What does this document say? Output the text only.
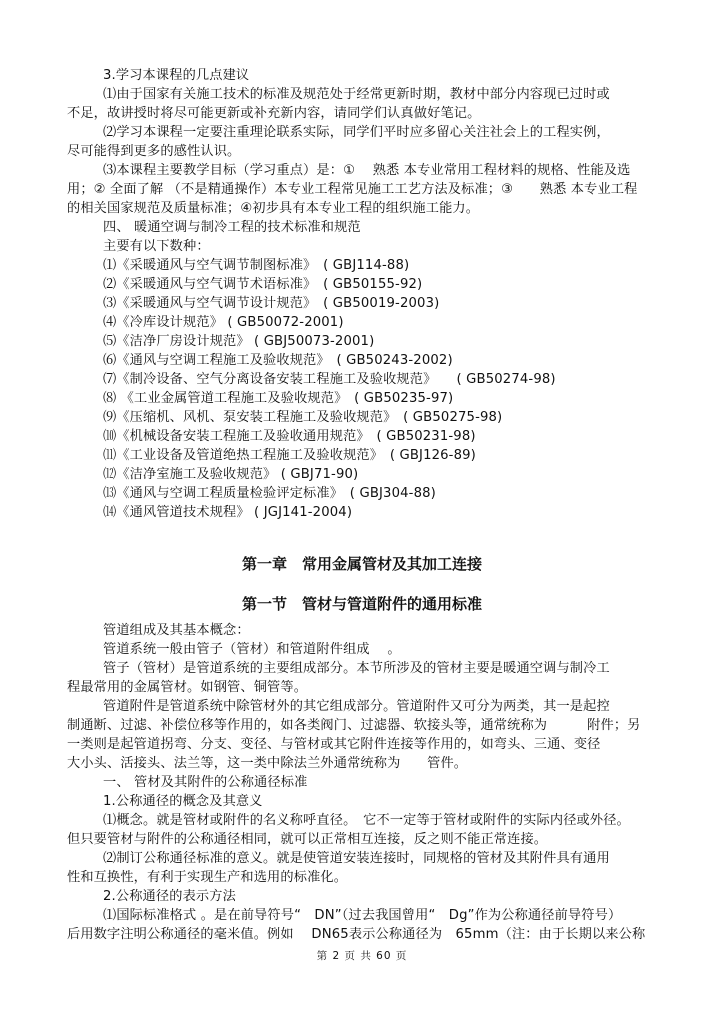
3.学习本课程的几点建议
⑴由于国家有关施工技术的标准及规范处于经常更新时期，教材中部分内容现已过时或
不足，故讲授时将尽可能更新或补充新内容，请同学们认真做好笔记。
⑵学习本课程一定要注重理论联系实际，同学们平时应多留心关注社会上的工程实例，
尽可能得到更多的感性认识。
⑶本课程主要教学目标（学习重点）是：①　 熟悉 本专业常用工程材料的规格、性能及选
用；② 全面了解 （不是精通操作）本专业工程常见施工工艺方法及标准；③　　熟悉 本专业工程
的相关国家规范及质量标准；④初步具有本专业工程的组织施工能力。
四、 暖通空调与制冷工程的技术标准和规范
主要有以下数种：
⑴《采暖通风与空气调节制图标准》　( GBJ114-88)
⑵《采暖通风与空气调节术语标准》　( GB50155-92)
⑶《采暖通风与空气调节设计规范》　( GB50019-2003)
⑷《冷库设计规范》 ( GB50072-2001)
⑸《洁净厂房设计规范》 ( GBJ50073-2001)
⑹《通风与空调工程施工及验收规范》　( GB50243-2002)
⑺《制冷设备、空气分离设备安装工程施工及验收规范》　　( GB50274-98)
⑻ 《工业金属管道工程施工及验收规范》　( GB50235-97)
⑼《压缩机、风机、泵安装工程施工及验收规范》　( GB50275-98)
⑽《机械设备安装工程施工及验收通用规范》　( GB50231-98)
⑾《工业设备及管道绝热工程施工及验收规范》　( GBJ126-89)
⑿《洁净室施工及验收规范》 ( GBJ71-90)
⒀《通风与空调工程质量检验评定标准》　( GBJ304-88)
⒁《通风管道技术规程》 ( JGJ141-2004)
第一章　常用金属管材及其加工连接
第一节　管材与管道附件的通用标准
管道组成及其基本概念：
管道系统一般由管子（管材）和管道附件组成　 。
管子（管材）是管道系统的主要组成部分。本节所涉及的管材主要是暖通空调与制冷工
程最常用的金属管材。如钢管、铜管等。
管道附件是管道系统中除管材外的其它组成部分。管道附件又可分为两类，其一是起控
制通断、过滤、补偿位移等作用的，如各类阀门、过滤器、软接头等，通常统称为　　　附件；另
一类则是起管道拐弯、分支、变径、与管材或其它附件连接等作用的，如弯头、三通、变径
大小头、活接头、法兰等，这一类中除法兰外通常统称为　　管件。
一、 管材及其附件的公称通径标准
1.公称通径的概念及其意义
⑴概念。就是管材或附件的名义称呼直径。　它不一定等于管材或附件的实际内径或外径。
但只要管材与附件的公称通径相同，就可以正常相互连接，反之则不能正常连接。
⑵制订公称通径标准的意义。就是使管道安装连接时，同规格的管材及其附件具有通用
性和互换性，有利于实现生产和选用的标准化。
2.公称通径的表示方法
⑴国际标准格式 。是在前导符号“　DN”（过去我国曾用“　Dg”作为公称通径前导符号）
后用数字注明公称通径的毫米值。例如　 DN65表示公称通径为　65mm（注：由于长期以来公称
第 2 页 共 60 页
